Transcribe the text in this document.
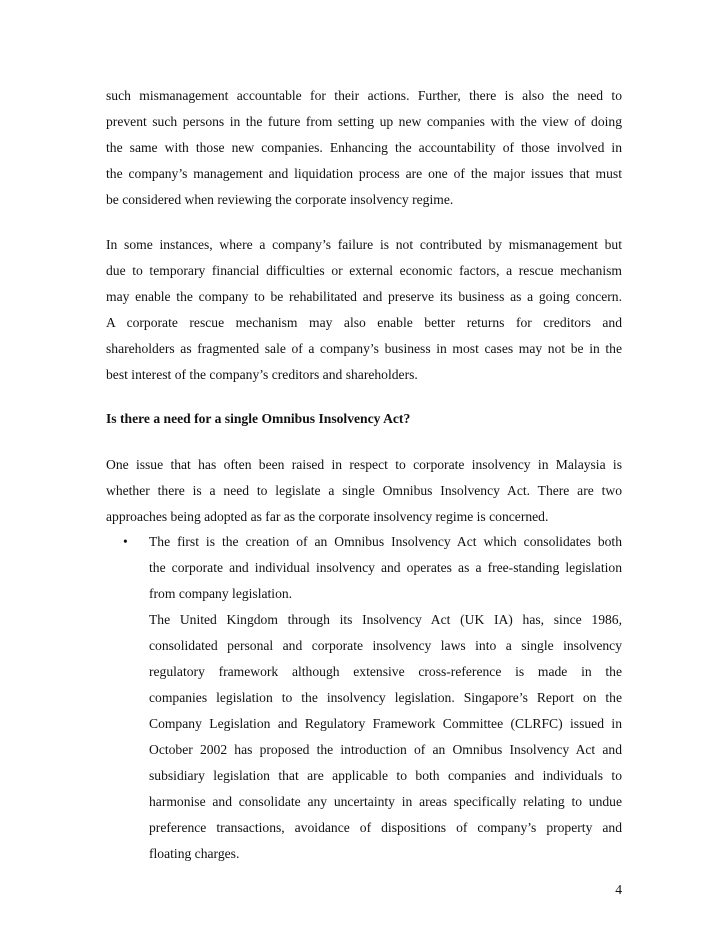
such mismanagement accountable for their actions. Further, there is also the need to
prevent such persons in the future from setting up new companies with the view of doing
the same with those new companies. Enhancing the accountability of those involved in
the company’s management and liquidation process are one of the major issues that must
be considered when reviewing the corporate insolvency regime.
In some instances, where a company’s failure is not contributed by mismanagement but
due to temporary financial difficulties or external economic factors, a rescue mechanism
may enable the company to be rehabilitated and preserve its business as a going concern.
A corporate rescue mechanism may also enable better returns for creditors and
shareholders as fragmented sale of a company’s business in most cases may not be in the
best interest of the company’s creditors and shareholders.
Is there a need for a single Omnibus Insolvency Act?
One issue that has often been raised in respect to corporate insolvency in Malaysia is
whether there is a need to legislate a single Omnibus Insolvency Act. There are two
approaches being adopted as far as the corporate insolvency regime is concerned.
• The first is the creation of an Omnibus Insolvency Act which consolidates both
the corporate and individual insolvency and operates as a free-standing legislation
from company legislation.
The United Kingdom through its Insolvency Act (UK IA) has, since 1986,
consolidated personal and corporate insolvency laws into a single insolvency
regulatory framework although extensive cross-reference is made in the
companies legislation to the insolvency legislation. Singapore’s Report on the
Company Legislation and Regulatory Framework Committee (CLRFC) issued in
October 2002 has proposed the introduction of an Omnibus Insolvency Act and
subsidiary legislation that are applicable to both companies and individuals to
harmonise and consolidate any uncertainty in areas specifically relating to undue
preference transactions, avoidance of dispositions of company’s property and
floating charges.
4
